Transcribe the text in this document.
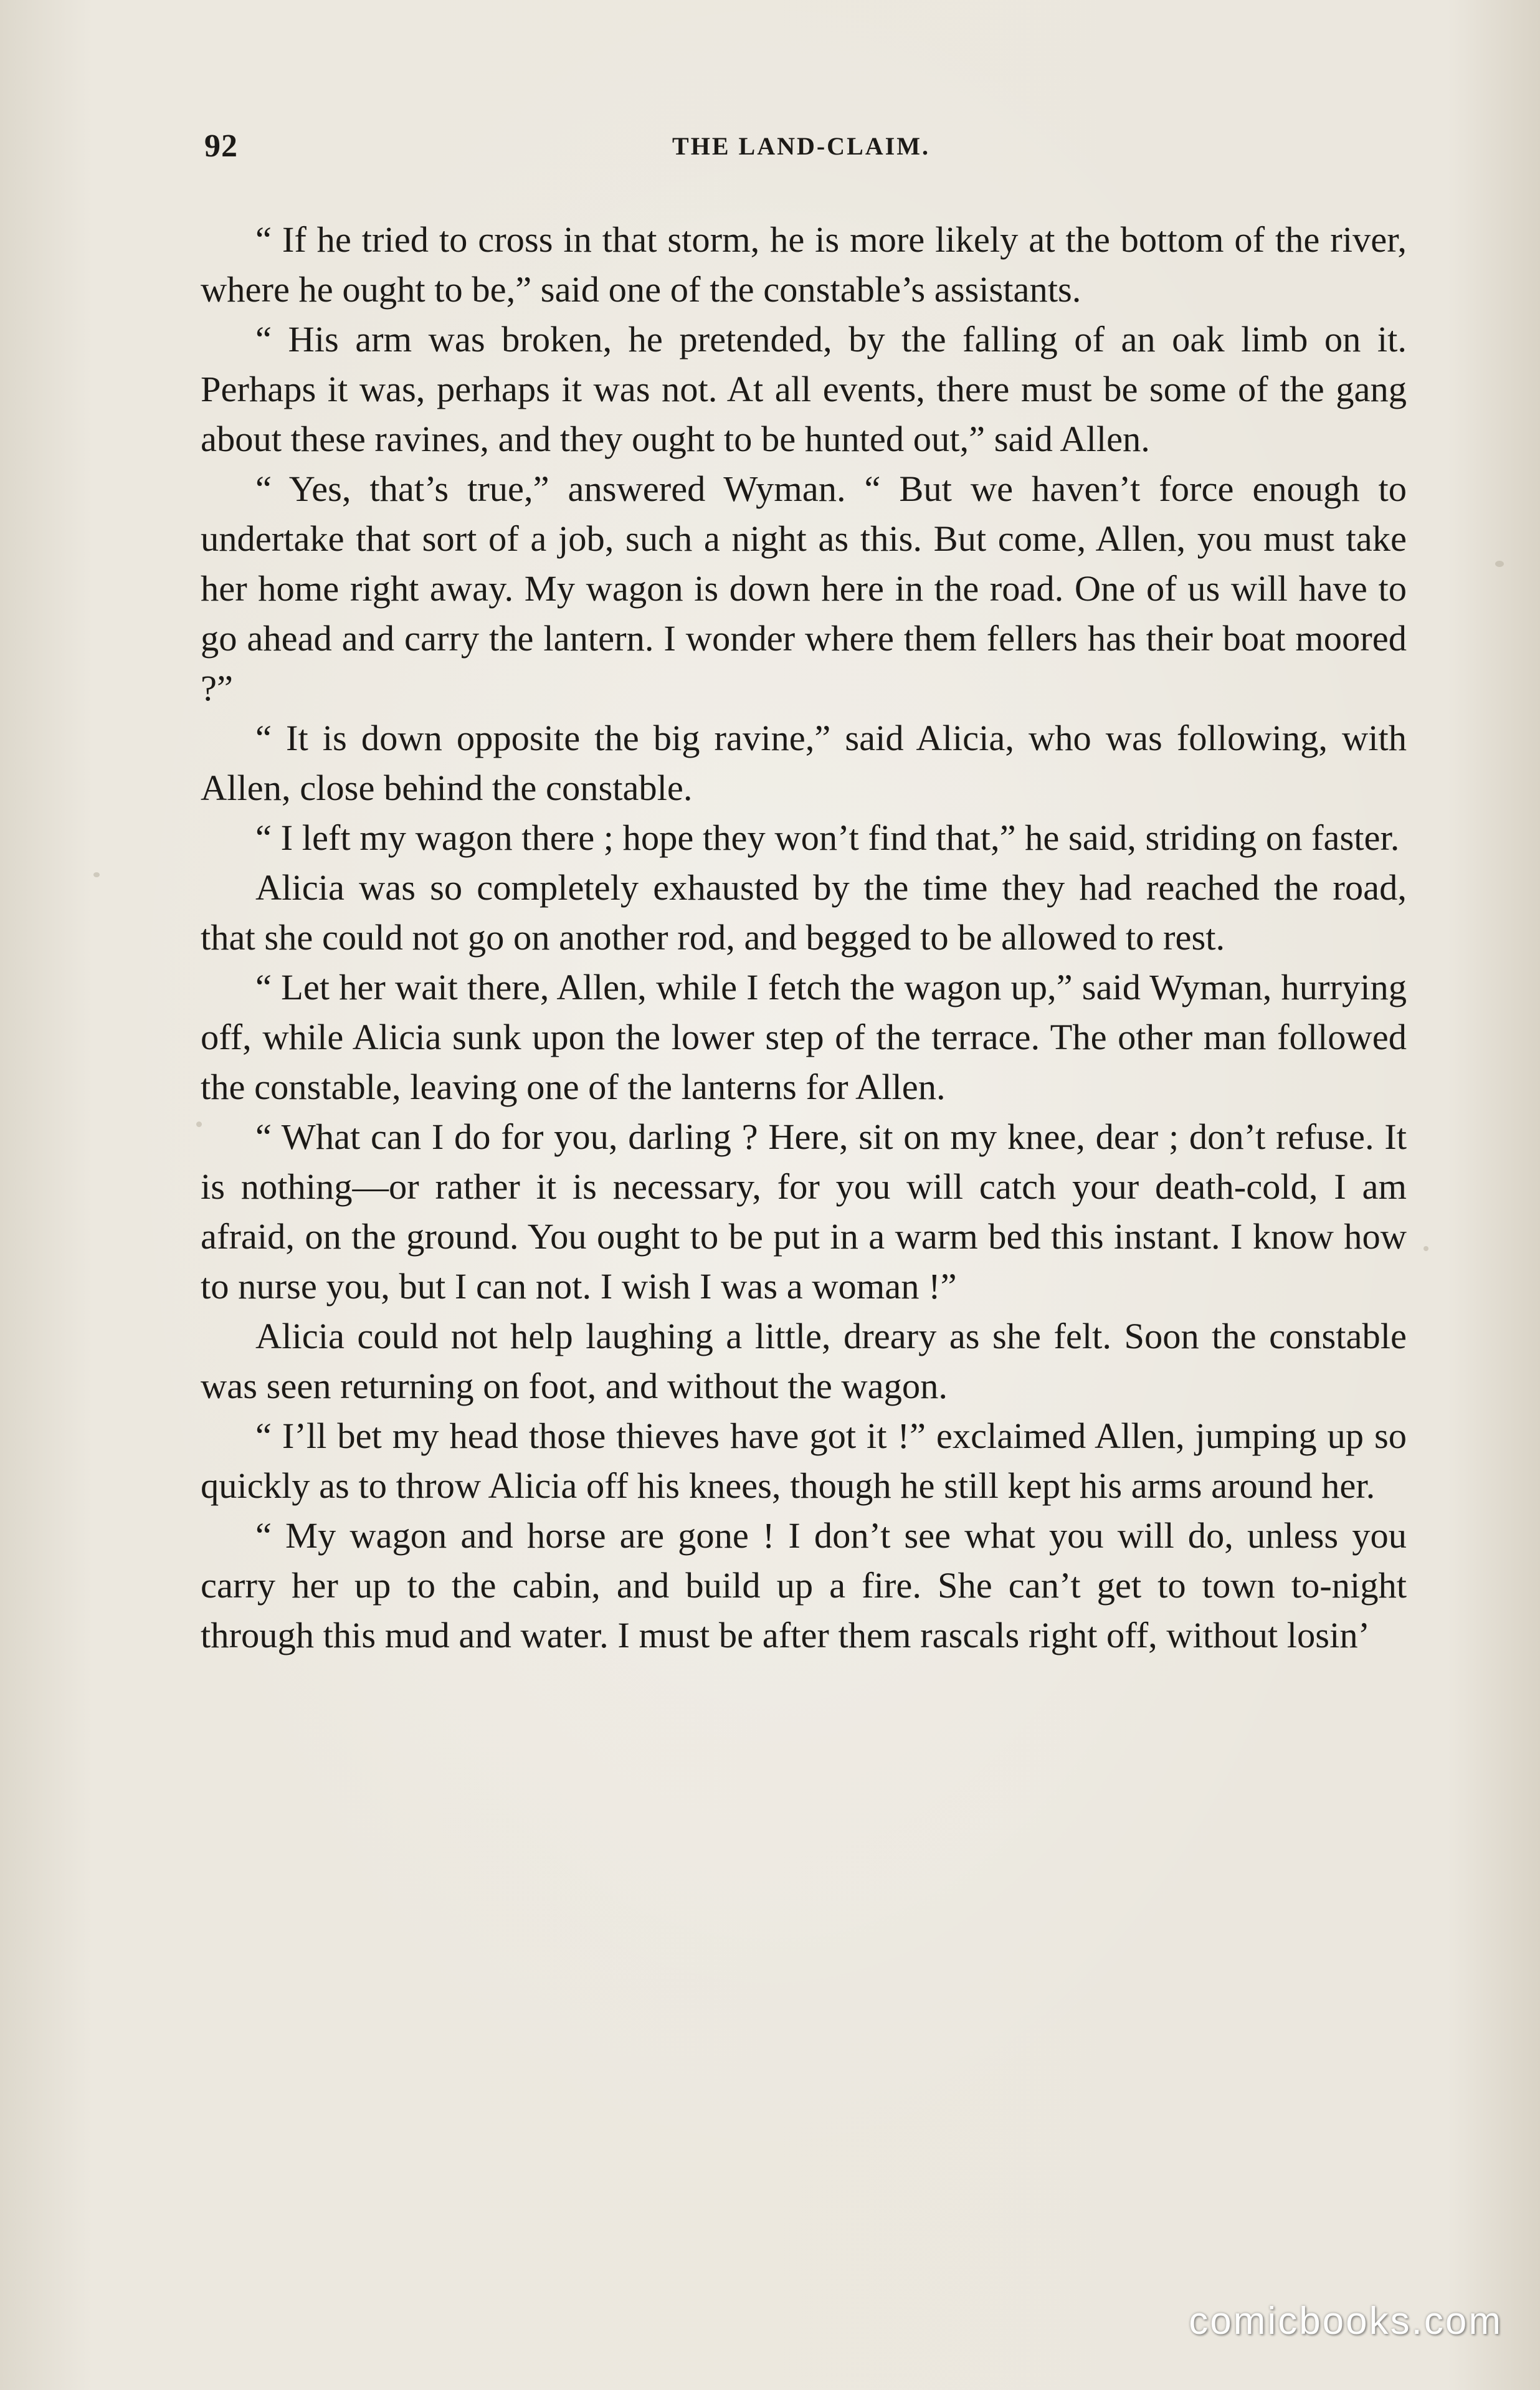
92	THE LAND-CLAIM.

“ If he tried to cross in that storm, he is more likely at the bottom of the river, where he ought to be,” said one of the constable’s assistants.

“ His arm was broken, he pretended, by the falling of an oak limb on it. Perhaps it was, perhaps it was not. At all events, there must be some of the gang about these ravines, and they ought to be hunted out,” said Allen.

“ Yes, that’s true,” answered Wyman. “ But we haven’t force enough to undertake that sort of a job, such a night as this. But come, Allen, you must take her home right away. My wagon is down here in the road. One of us will have to go ahead and carry the lantern. I wonder where them fellers has their boat moored ?”

“ It is down opposite the big ravine,” said Alicia, who was following, with Allen, close behind the constable.

“ I left my wagon there ; hope they won’t find that,” he said, striding on faster.

Alicia was so completely exhausted by the time they had reached the road, that she could not go on another rod, and begged to be allowed to rest.

“ Let her wait there, Allen, while I fetch the wagon up,” said Wyman, hurrying off, while Alicia sunk upon the lower step of the terrace. The other man followed the constable, leaving one of the lanterns for Allen.

“ What can I do for you, darling ? Here, sit on my knee, dear ; don’t refuse. It is nothing—or rather it is necessary, for you will catch your death-cold, I am afraid, on the ground. You ought to be put in a warm bed this instant. I know how to nurse you, but I can not. I wish I was a woman !”

Alicia could not help laughing a little, dreary as she felt. Soon the constable was seen returning on foot, and without the wagon.

“ I’ll bet my head those thieves have got it !” exclaimed Allen, jumping up so quickly as to throw Alicia off his knees, though he still kept his arms around her.

“ My wagon and horse are gone ! I don’t see what you will do, unless you carry her up to the cabin, and build up a fire. She can’t get to town to-night through this mud and water. I must be after them rascals right off, without losin’

comicbooks.com
